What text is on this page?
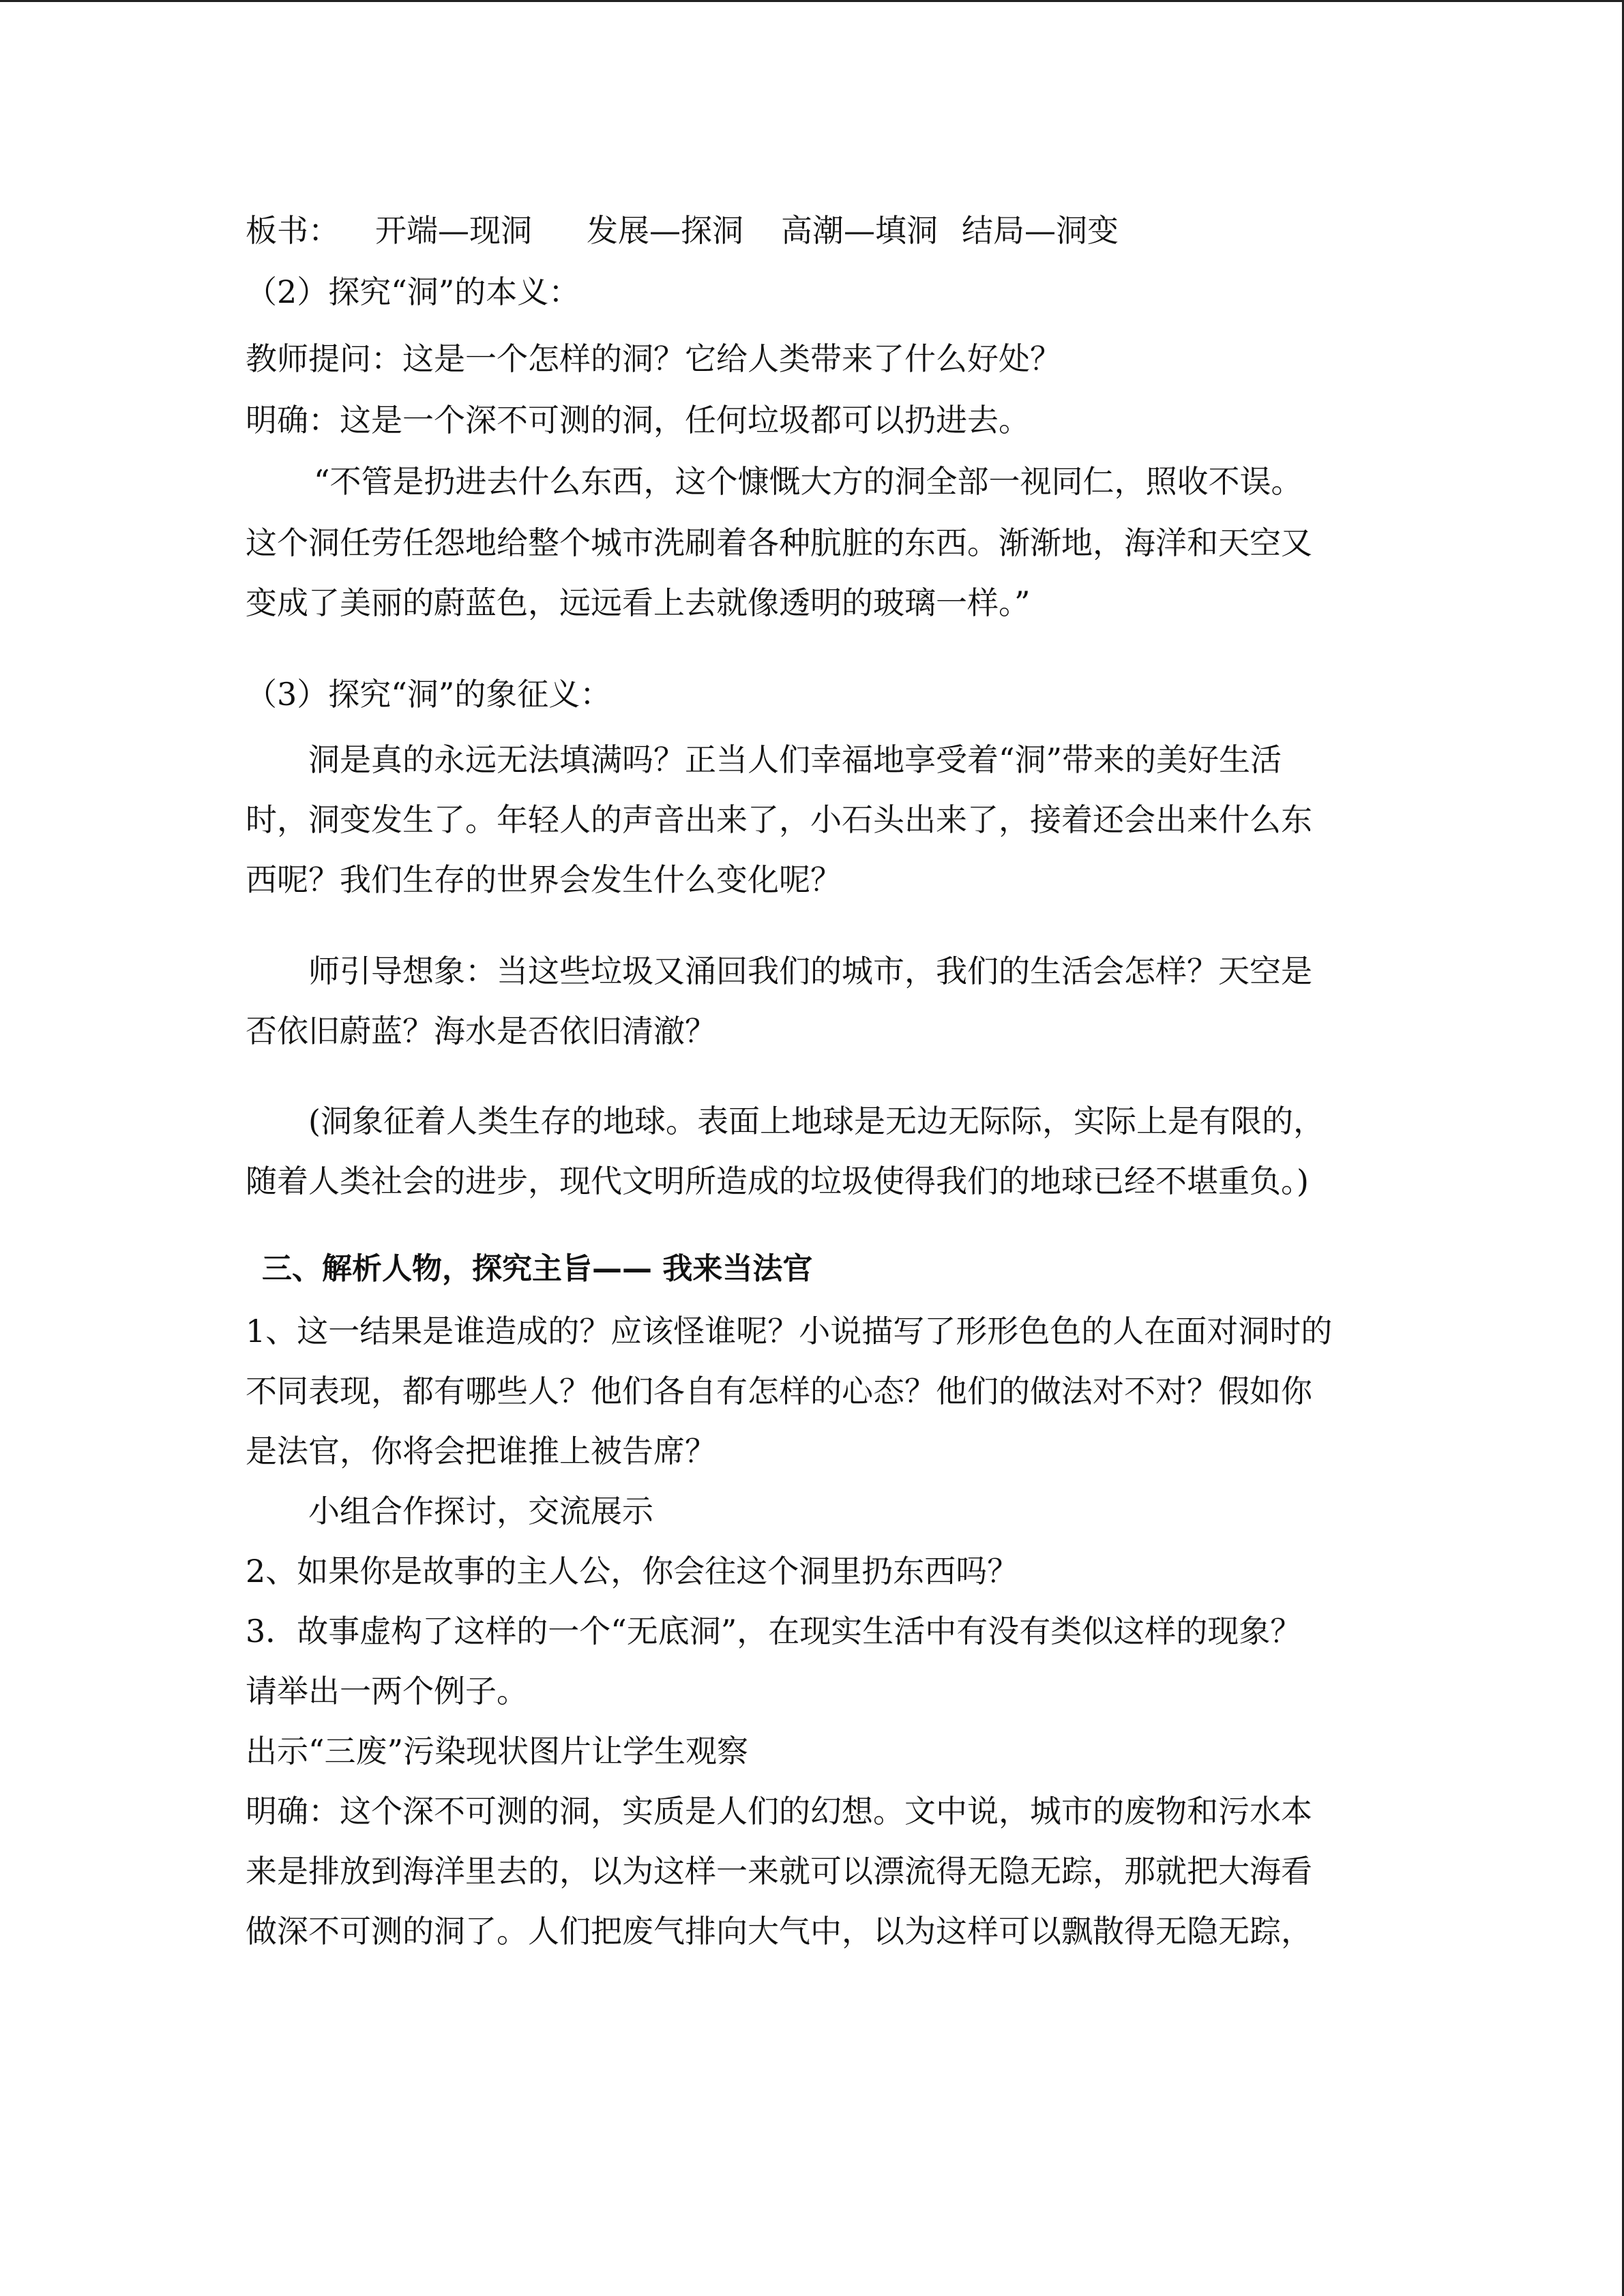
板书： 开端—现洞 发展—探洞 高潮—填洞 结局—洞变
（2）探究“洞”的本义：
教师提问：这是一个怎样的洞？它给人类带来了什么好处？
明确：这是一个深不可测的洞，任何垃圾都可以扔进去。
“不管是扔进去什么东西，这个慷慨大方的洞全部一视同仁，照收不误。
这个洞任劳任怨地给整个城市洗刷着各种肮脏的东西。渐渐地，海洋和天空又
变成了美丽的蔚蓝色，远远看上去就像透明的玻璃一样。”
（3）探究“洞”的象征义：
洞是真的永远无法填满吗？正当人们幸福地享受着“洞”带来的美好生活
时，洞变发生了。年轻人的声音出来了，小石头出来了，接着还会出来什么东
西呢？我们生存的世界会发生什么变化呢？
师引导想象：当这些垃圾又涌回我们的城市，我们的生活会怎样？天空是
否依旧蔚蓝？海水是否依旧清澈？
(洞象征着人类生存的地球。表面上地球是无边无际际，实际上是有限的，
随着人类社会的进步，现代文明所造成的垃圾使得我们的地球已经不堪重负。)
三、解析人物，探究主旨—— 我来当法官
1、这一结果是谁造成的？应该怪谁呢？小说描写了形形色色的人在面对洞时的
不同表现，都有哪些人？他们各自有怎样的心态？他们的做法对不对？假如你
是法官，你将会把谁推上被告席？
小组合作探讨，交流展示
2、如果你是故事的主人公，你会往这个洞里扔东西吗？
3．故事虚构了这样的一个“无底洞”，在现实生活中有没有类似这样的现象？
请举出一两个例子。
出示“三废”污染现状图片让学生观察
明确：这个深不可测的洞，实质是人们的幻想。文中说，城市的废物和污水本
来是排放到海洋里去的，以为这样一来就可以漂流得无隐无踪，那就把大海看
做深不可测的洞了。人们把废气排向大气中，以为这样可以飘散得无隐无踪，
